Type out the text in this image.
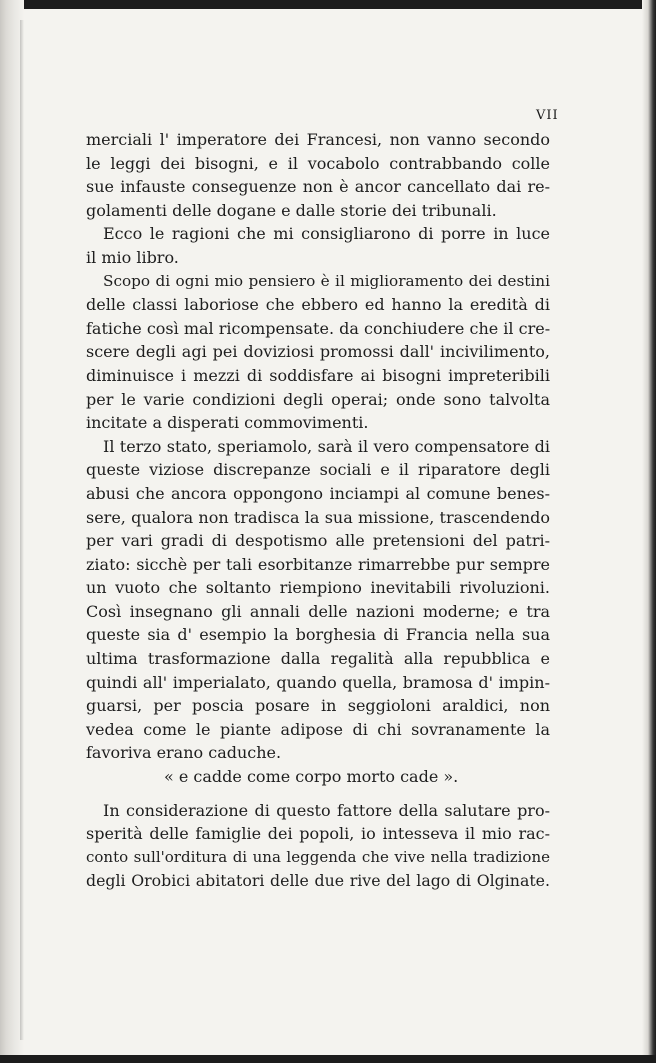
VII
merciali l' imperatore dei Francesi, non vanno secondo
le leggi dei bisogni, e il vocabolo contrabbando colle
sue infauste conseguenze non è ancor cancellato dai re-
golamenti delle dogane e dalle storie dei tribunali.
Ecco le ragioni che mi consigliarono di porre in luce
il mio libro.
Scopo di ogni mio pensiero è il miglioramento dei destini
delle classi laboriose che ebbero ed hanno la eredità di
fatiche così mal ricompensate. da conchiudere che il cre-
scere degli agi pei doviziosi promossi dall' incivilimento,
diminuisce i mezzi di soddisfare ai bisogni impreteribili
per le varie condizioni degli operai; onde sono talvolta
incitate a disperati commovimenti.
Il terzo stato, speriamolo, sarà il vero compensatore di
queste viziose discrepanze sociali e il riparatore degli
abusi che ancora oppongono inciampi al comune benes-
sere, qualora non tradisca la sua missione, trascendendo
per vari gradi di despotismo alle pretensioni del patri-
ziato: sicchè per tali esorbitanze rimarrebbe pur sempre
un vuoto che soltanto riempiono inevitabili rivoluzioni.
Così insegnano gli annali delle nazioni moderne; e tra
queste sia d' esempio la borghesia di Francia nella sua
ultima trasformazione dalla regalità alla repubblica e
quindi all' imperialato, quando quella, bramosa d' impin-
guarsi, per poscia posare in seggioloni araldici, non
vedea come le piante adipose di chi sovranamente la
favoriva erano caduche.
« e cadde come corpo morto cade ».
In considerazione di questo fattore della salutare pro-
sperità delle famiglie dei popoli, io intesseva il mio rac-
conto sull'orditura di una leggenda che vive nella tradizione
degli Orobici abitatori delle due rive del lago di Olginate.
